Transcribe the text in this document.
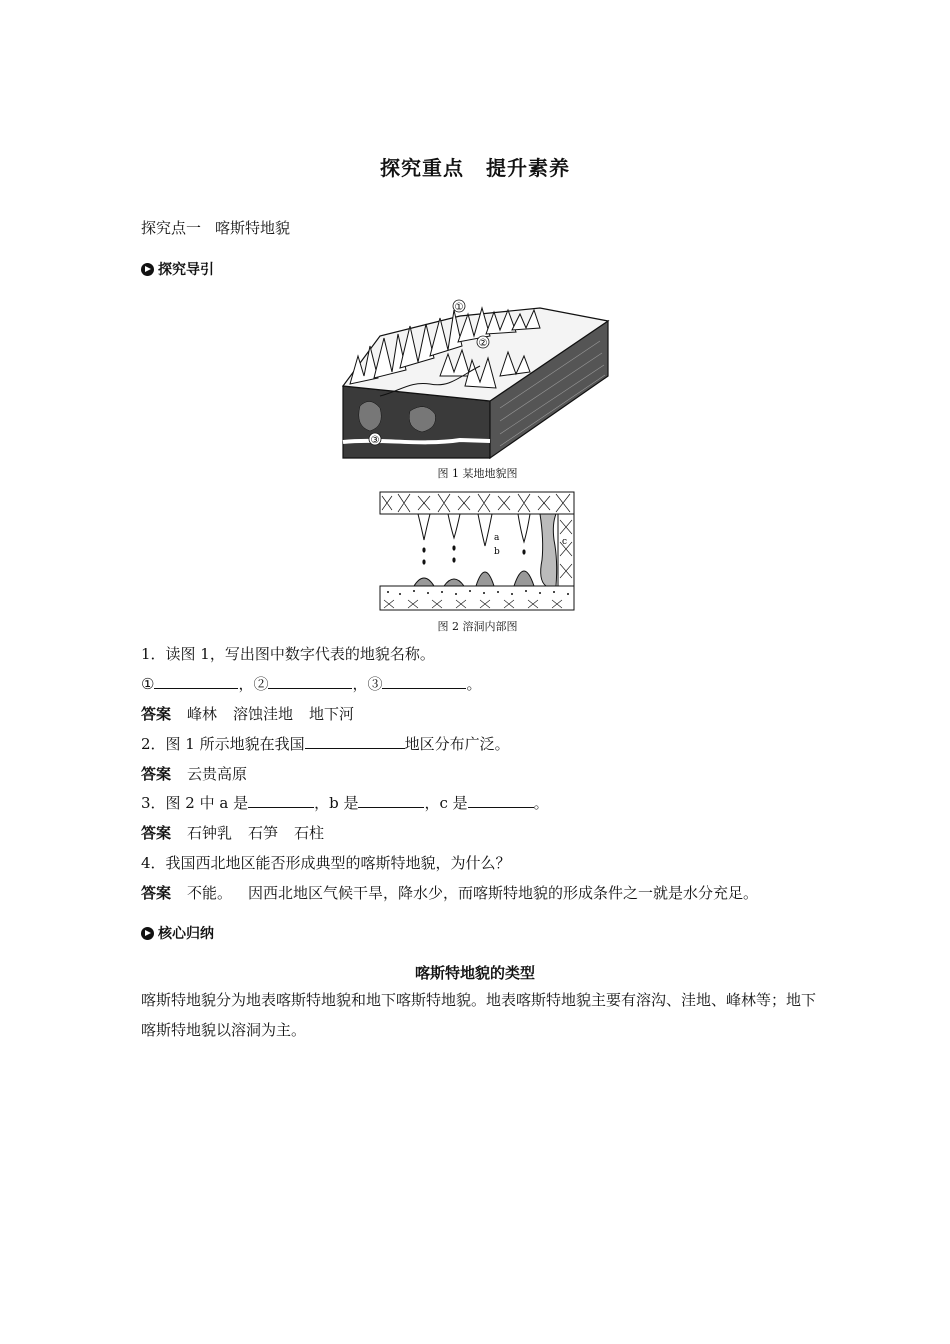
探究重点 提升素养
探究点一 喀斯特地貌
探究导引
①
②
③
图 1 某地地貌图
a
b
c
图 2 溶洞内部图
1．读图 1，写出图中数字代表的地貌名称。
①	，②	，③	。
答案 峰林 溶蚀洼地 地下河
2．图 1 所示地貌在我国	地区分布广泛。
答案 云贵高原
3．图 2 中 a 是	，b 是	，c 是	。
答案 石钟乳 石笋 石柱
4．我国西北地区能否形成典型的喀斯特地貌，为什么？
答案 不能。 因西北地区气候干旱，降水少，而喀斯特地貌的形成条件之一就是水分充足。
核心归纳
喀斯特地貌的类型
喀斯特地貌分为地表喀斯特地貌和地下喀斯特地貌。地表喀斯特地貌主要有溶沟、洼地、峰林等；地下喀斯特地貌以溶洞为主。
